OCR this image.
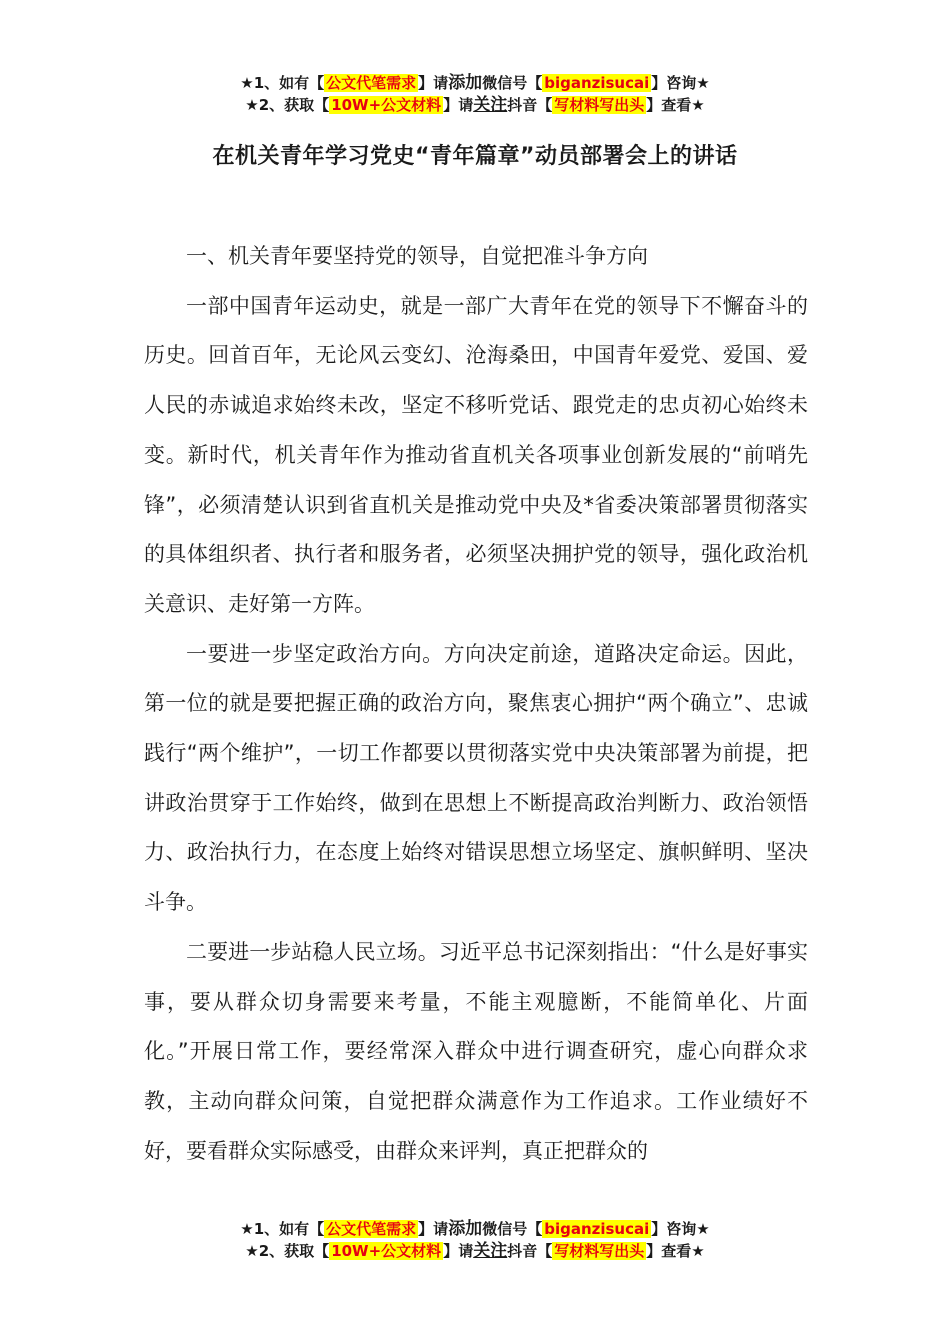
★1、如有【 公文代笔需求 】请添加微信号【 biganzisucai 】咨询★
★2、获取【 10W+公文材料 】请关注抖音【 写材料写出头 】查看★
在机关青年学习党史“青年篇章”动员部署会上的讲话

一、机关青年要坚持党的领导，自觉把准斗争方向

一部中国青年运动史，就是一部广大青年在党的领导下不懈奋斗的历史。回首百年，无论风云变幻、沧海桑田，中国青年爱党、爱国、爱人民的赤诚追求始终未改，坚定不移听党话、跟党走的忠贞初心始终未变。新时代，机关青年作为推动省直机关各项事业创新发展的“前哨先锋”，必须清楚认识到省直机关是推动党中央及*省委决策部署贯彻落实的具体组织者、执行者和服务者，必须坚决拥护党的领导，强化政治机关意识、走好第一方阵。

一要进一步坚定政治方向。方向决定前途，道路决定命运。因此，第一位的就是要把握正确的政治方向，聚焦衷心拥护“两个确立”、忠诚践行“两个维护”，一切工作都要以贯彻落实党中央决策部署为前提，把讲政治贯穿于工作始终，做到在思想上不断提高政治判断力、政治领悟力、政治执行力，在态度上始终对错误思想立场坚定、旗帜鲜明、坚决斗争。

二要进一步站稳人民立场。习近平总书记深刻指出：“什么是好事实事，要从群众切身需要来考量，不能主观臆断，不能简单化、片面化。”开展日常工作，要经常深入群众中进行调查研究，虚心向群众求教，主动向群众问策，自觉把群众满意作为工作追求。工作业绩好不好，要看群众实际感受，由群众来评判，真正把群众的

★1、如有【 公文代笔需求 】请添加微信号【 biganzisucai 】咨询★
★2、获取【 10W+公文材料 】请关注抖音【 写材料写出头 】查看★
